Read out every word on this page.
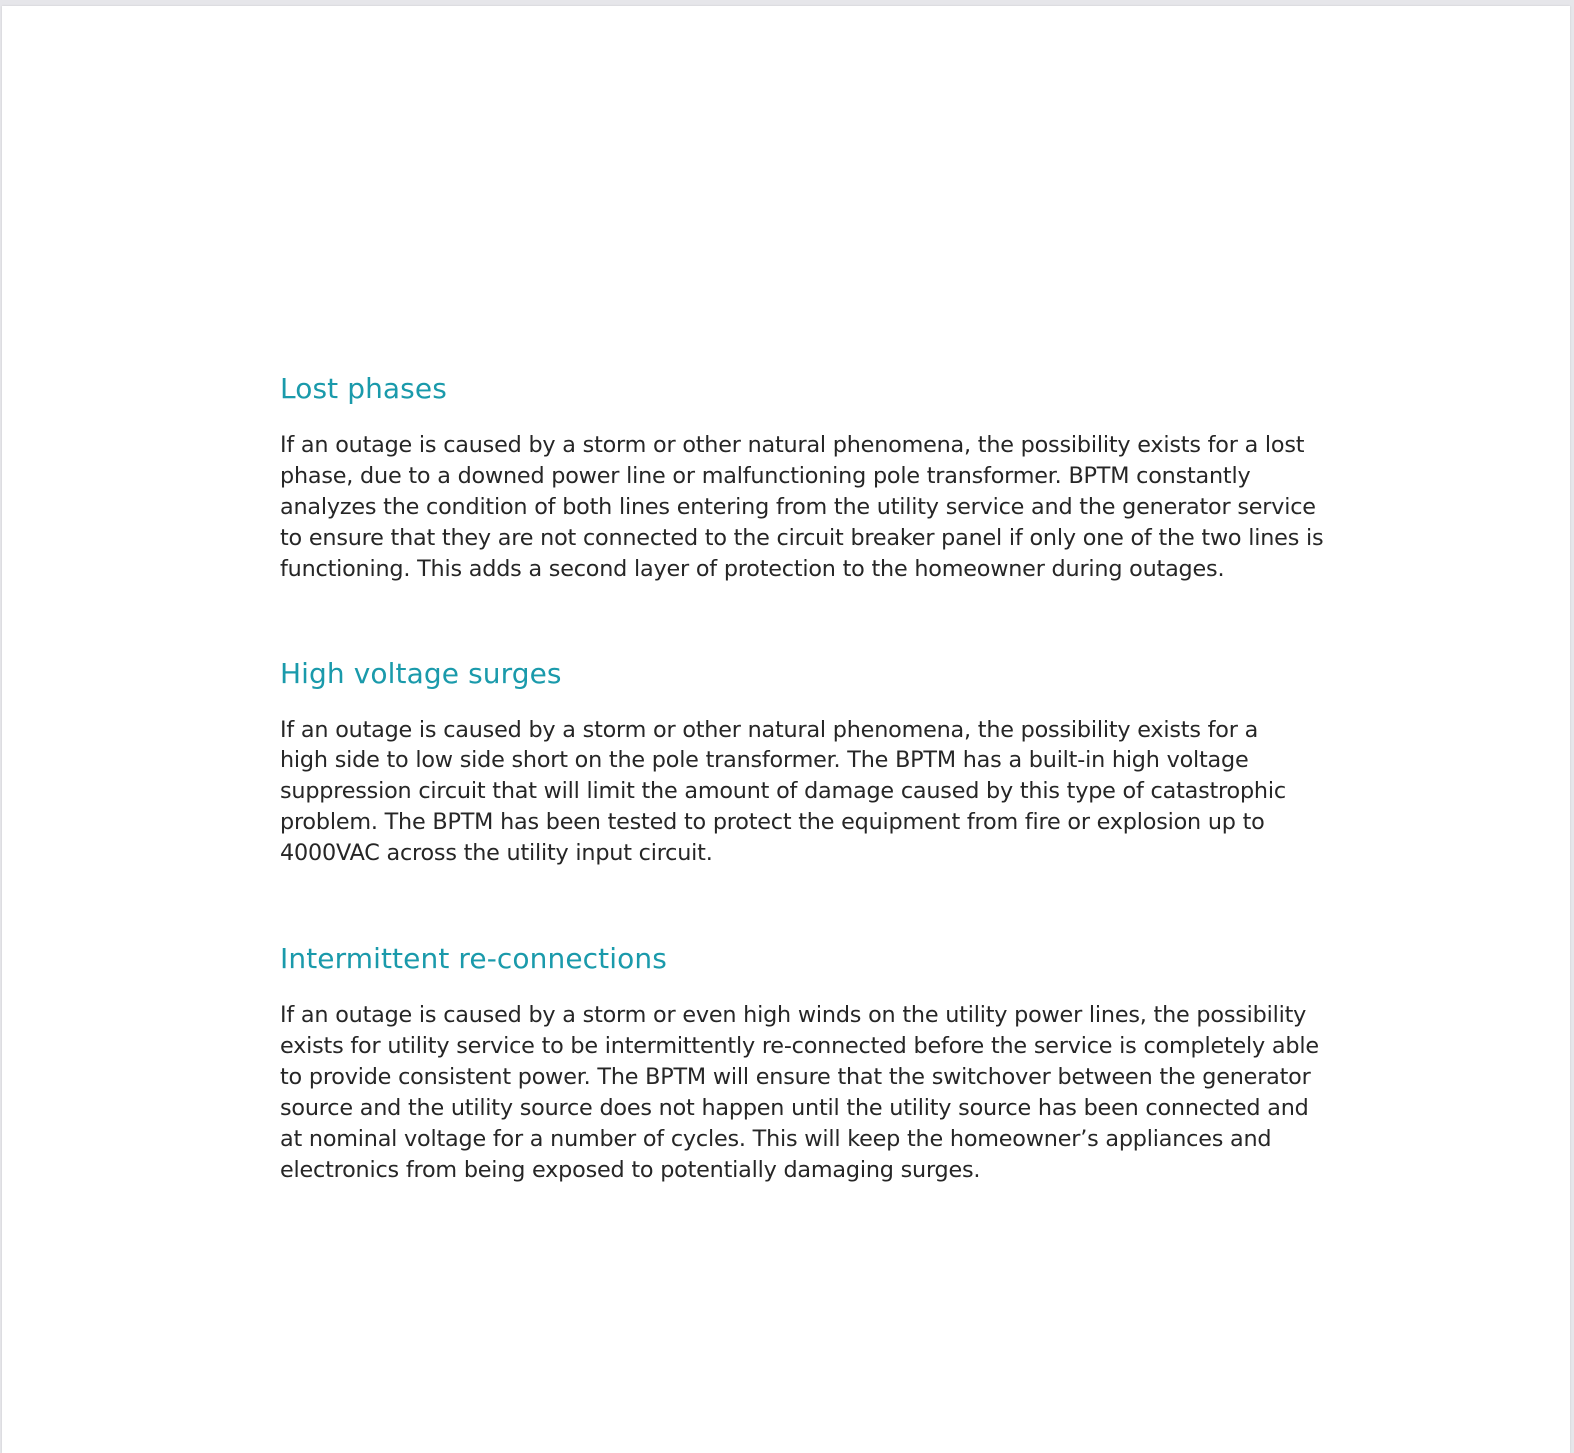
Lost phases

If an outage is caused by a storm or other natural phenomena, the possibility exists for a lost
phase, due to a downed power line or malfunctioning pole transformer. BPTM constantly
analyzes the condition of both lines entering from the utility service and the generator service
to ensure that they are not connected to the circuit breaker panel if only one of the two lines is
functioning. This adds a second layer of protection to the homeowner during outages.

High voltage surges

If an outage is caused by a storm or other natural phenomena, the possibility exists for a
high side to low side short on the pole transformer. The BPTM has a built-in high voltage
suppression circuit that will limit the amount of damage caused by this type of catastrophic
problem. The BPTM has been tested to protect the equipment from fire or explosion up to
4000VAC across the utility input circuit.

Intermittent re-connections

If an outage is caused by a storm or even high winds on the utility power lines, the possibility
exists for utility service to be intermittently re-connected before the service is completely able
to provide consistent power. The BPTM will ensure that the switchover between the generator
source and the utility source does not happen until the utility source has been connected and
at nominal voltage for a number of cycles. This will keep the homeowner’s appliances and
electronics from being exposed to potentially damaging surges.
